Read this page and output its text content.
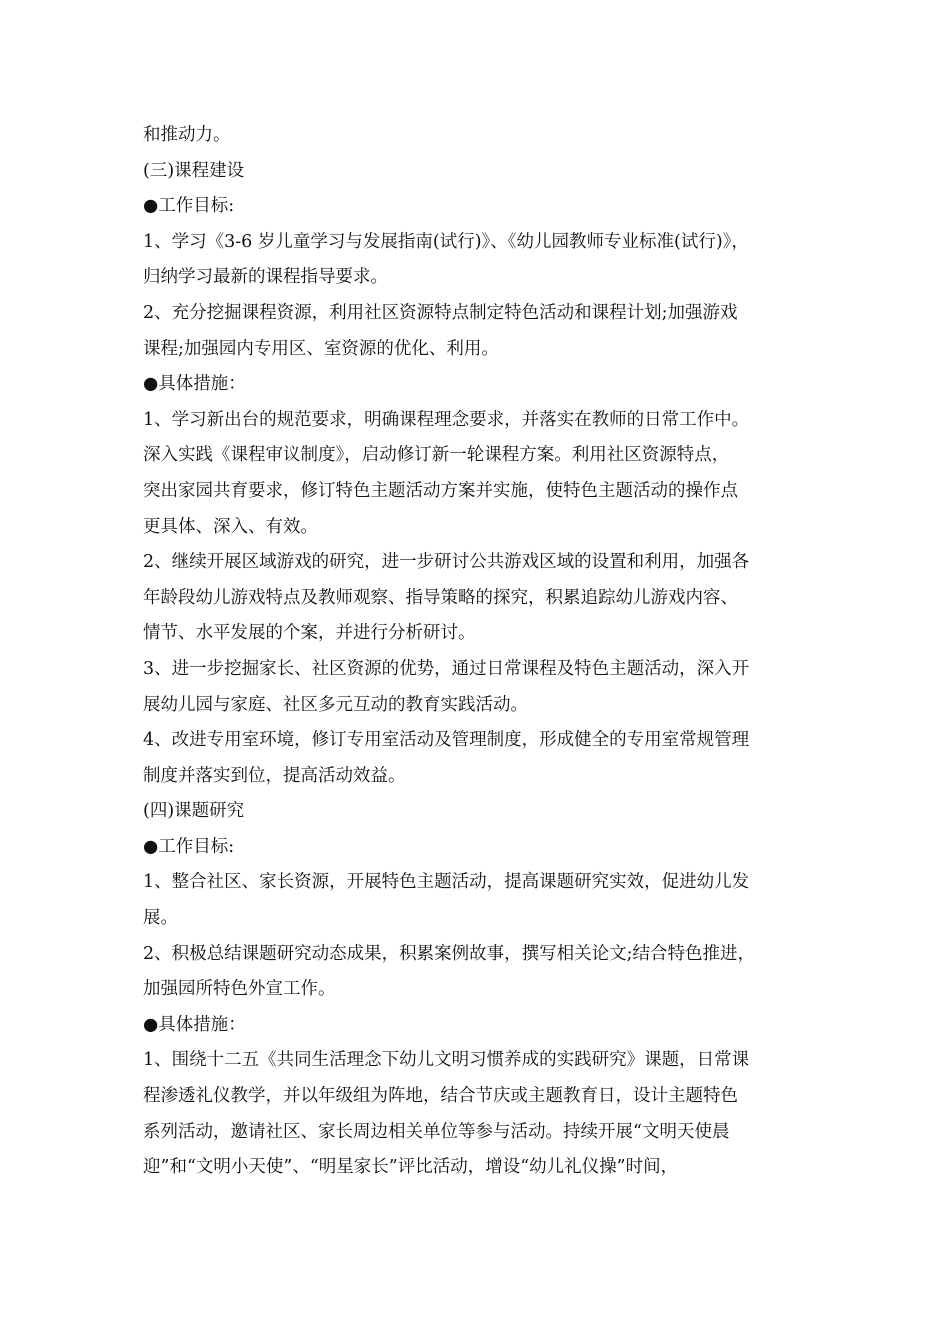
和推动力。
(三)课程建设
●工作目标:
1、学习《3-6 岁儿童学习与发展指南(试行)》、《幼儿园教师专业标准(试行)》，
归纳学习最新的课程指导要求。
2、充分挖掘课程资源，利用社区资源特点制定特色活动和课程计划;加强游戏
课程;加强园内专用区、室资源的优化、利用。
●具体措施：
1、学习新出台的规范要求，明确课程理念要求，并落实在教师的日常工作中。
深入实践《课程审议制度》，启动修订新一轮课程方案。利用社区资源特点，
突出家园共育要求，修订特色主题活动方案并实施，使特色主题活动的操作点
更具体、深入、有效。
2、继续开展区域游戏的研究，进一步研讨公共游戏区域的设置和利用，加强各
年龄段幼儿游戏特点及教师观察、指导策略的探究，积累追踪幼儿游戏内容、
情节、水平发展的个案，并进行分析研讨。
3、进一步挖掘家长、社区资源的优势，通过日常课程及特色主题活动，深入开
展幼儿园与家庭、社区多元互动的教育实践活动。
4、改进专用室环境，修订专用室活动及管理制度，形成健全的专用室常规管理
制度并落实到位，提高活动效益。
(四)课题研究
●工作目标:
1、整合社区、家长资源，开展特色主题活动，提高课题研究实效，促进幼儿发
展。
2、积极总结课题研究动态成果，积累案例故事，撰写相关论文;结合特色推进，
加强园所特色外宣工作。
●具体措施：
1、围绕十二五《共同生活理念下幼儿文明习惯养成的实践研究》课题，日常课
程渗透礼仪教学，并以年级组为阵地，结合节庆或主题教育日，设计主题特色
系列活动，邀请社区、家长周边相关单位等参与活动。持续开展“文明天使晨
迎”和“文明小天使”、“明星家长”评比活动，增设“幼儿礼仪操”时间，
